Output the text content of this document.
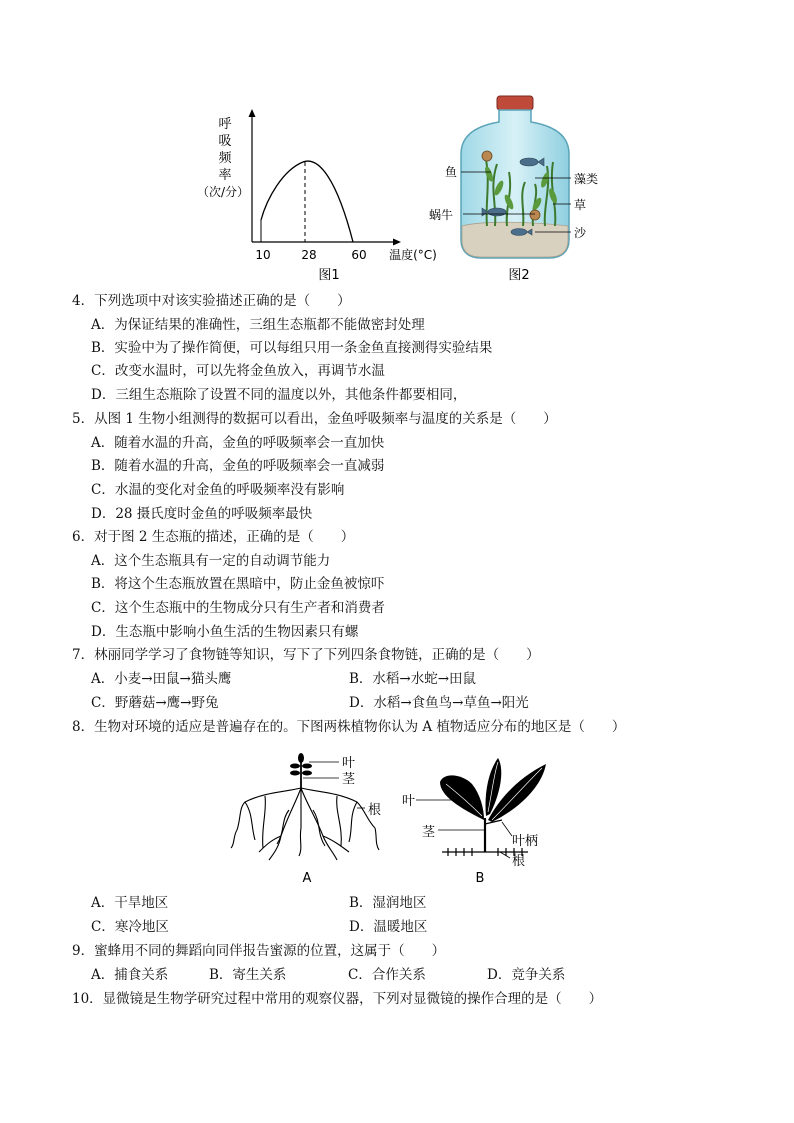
呼
吸
频
率
（次/分）
10	28	60 温度(°C)
图1
鱼	藻类
草
蜗牛
沙
图2
4．下列选项中对该实验描述正确的是（　　）
A．为保证结果的准确性，三组生态瓶都不能做密封处理
B．实验中为了操作简便，可以每组只用一条金鱼直接测得实验结果
C．改变水温时，可以先将金鱼放入，再调节水温
D．三组生态瓶除了设置不同的温度以外，其他条件都要相同，
5．从图 1 生物小组测得的数据可以看出，金鱼呼吸频率与温度的关系是（　　）
A．随着水温的升高，金鱼的呼吸频率会一直加快
B．随着水温的升高，金鱼的呼吸频率会一直减弱
C．水温的变化对金鱼的呼吸频率没有影响
D．28 摄氏度时金鱼的呼吸频率最快
6．对于图 2 生态瓶的描述，正确的是（　　）
A．这个生态瓶具有一定的自动调节能力
B．将这个生态瓶放置在黑暗中，防止金鱼被惊吓
C．这个生态瓶中的生物成分只有生产者和消费者
D．生态瓶中影响小鱼生活的生物因素只有螺
7．林丽同学学习了食物链等知识，写下了下列四条食物链，正确的是（　　）
A．小麦→田鼠→猫头鹰	B．水稻→水蛇→田鼠
C．野蘑菇→鹰→野兔	D．水稻→食鱼鸟→草鱼→阳光
8．生物对环境的适应是普遍存在的。下图两株植物你认为 A 植物适应分布的地区是（　　）
叶
茎
根
A
叶
茎
叶柄
根
B
A．干旱地区	B．湿润地区
C．寒冷地区	D．温暖地区
9．蜜蜂用不同的舞蹈向同伴报告蜜源的位置，这属于（　　）
A．捕食关系	B．寄生关系	C．合作关系	D．竞争关系
10．显微镜是生物学研究过程中常用的观察仪器，下列对显微镜的操作合理的是（　　）
